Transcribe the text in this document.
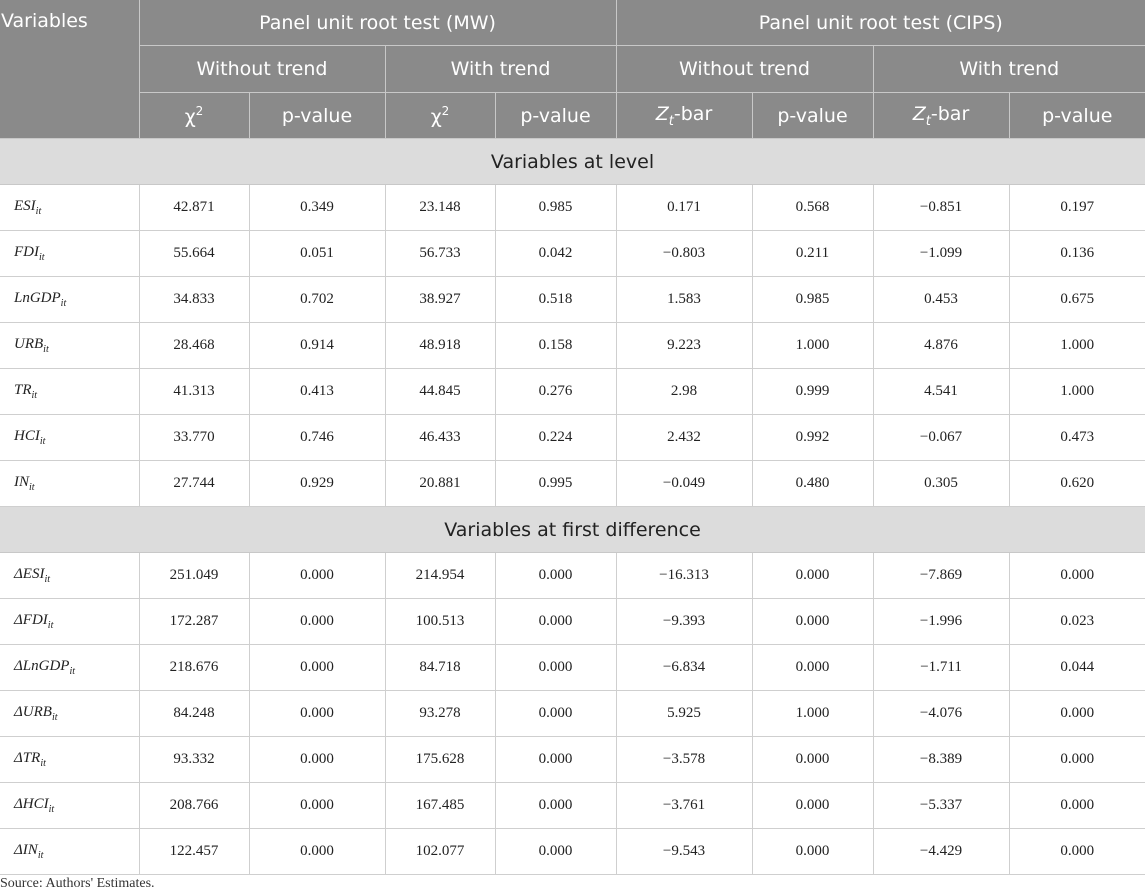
Variables	Panel unit root test (MW)				Panel unit root test (CIPS)			
	Without trend		With trend		Without trend		With trend	
	$\chi^2$	p-value	$\chi^2$	p-value	$Z_t$-bar	p-value	$Z_t$-bar	p-value
Variables at level								
$ESI_{it}$	42.871	0.349	23.148	0.985	0.171	0.568	−0.851	0.197
$FDI_{it}$	55.664	0.051	56.733	0.042	−0.803	0.211	−1.099	0.136
LnGDP$_{it}$	34.833	0.702	38.927	0.518	1.583	0.985	0.453	0.675
$URB_{it}$	28.468	0.914	48.918	0.158	9.223	1.000	4.876	1.000
$TR_{it}$	41.313	0.413	44.845	0.276	2.98	0.999	4.541	1.000
$HCI_{it}$	33.770	0.746	46.433	0.224	2.432	0.992	−0.067	0.473
$IN_{it}$	27.744	0.929	20.881	0.995	−0.049	0.480	0.305	0.620
Variables at first difference								
$\Delta ESI_{it}$	251.049	0.000	214.954	0.000	−16.313	0.000	−7.869	0.000
$\Delta FDI_{it}$	172.287	0.000	100.513	0.000	−9.393	0.000	−1.996	0.023
ΔLnGDP$_{it}$	218.676	0.000	84.718	0.000	−6.834	0.000	−1.711	0.044
$\Delta URB_{it}$	84.248	0.000	93.278	0.000	5.925	1.000	−4.076	0.000
$\Delta TR_{it}$	93.332	0.000	175.628	0.000	−3.578	0.000	−8.389	0.000
$\Delta HCI_{it}$	208.766	0.000	167.485	0.000	−3.761	0.000	−5.337	0.000
$\Delta IN_{it}$	122.457	0.000	102.077	0.000	−9.543	0.000	−4.429	0.000
Source: Authors' Estimates.
